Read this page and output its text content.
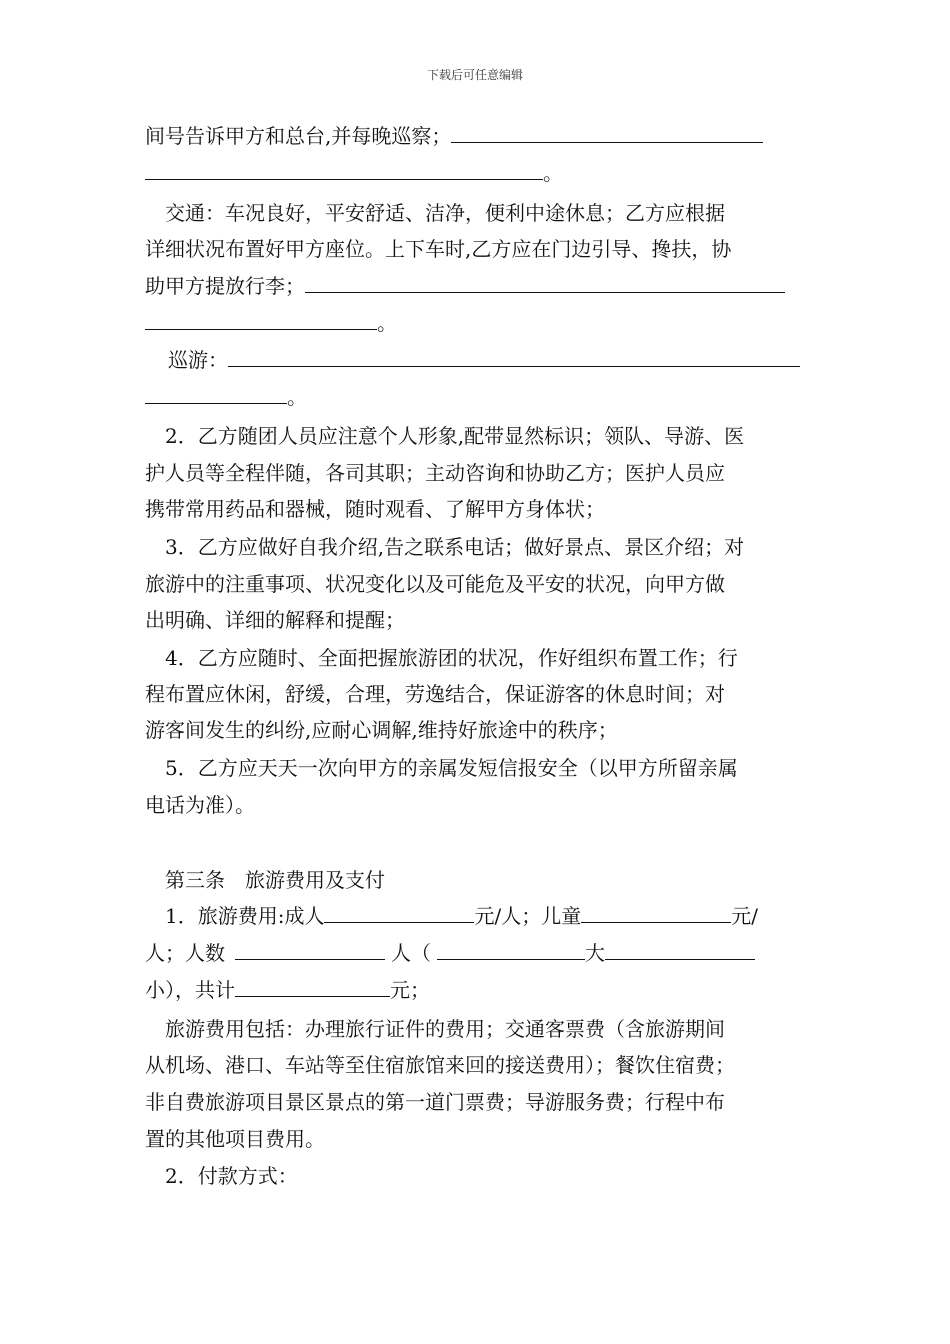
下载后可任意编辑
间号告诉甲方和总台,并每晚巡察；
。
交通：车况良好，平安舒适、洁净，便利中途休息；乙方应根据
详细状况布置好甲方座位。上下车时,乙方应在门边引导、搀扶，协
助甲方提放行李；
。
巡游：
。
2．乙方随团人员应注意个人形象,配带显然标识；领队、导游、医
护人员等全程伴随，各司其职；主动咨询和协助乙方；医护人员应
携带常用药品和器械，随时观看、了解甲方身体状；
3．乙方应做好自我介绍,告之联系电话；做好景点、景区介绍；对
旅游中的注重事项、状况变化以及可能危及平安的状况，向甲方做
出明确、详细的解释和提醒；
4．乙方应随时、全面把握旅游团的状况，作好组织布置工作；行
程布置应休闲，舒缓，合理，劳逸结合，保证游客的休息时间；对
游客间发生的纠纷,应耐心调解,维持好旅途中的秩序；
5．乙方应天天一次向甲方的亲属发短信报安全（以甲方所留亲属
电话为准）。
第三条　旅游费用及支付
1．旅游费用:成人	元/人；儿童	元/
人；人数	人（	大
小），共计	元；
旅游费用包括：办理旅行证件的费用；交通客票费（含旅游期间
从机场、港口、车站等至住宿旅馆来回的接送费用）；餐饮住宿费；
非自费旅游项目景区景点的第一道门票费；导游服务费；行程中布
置的其他项目费用。
2．付款方式：
